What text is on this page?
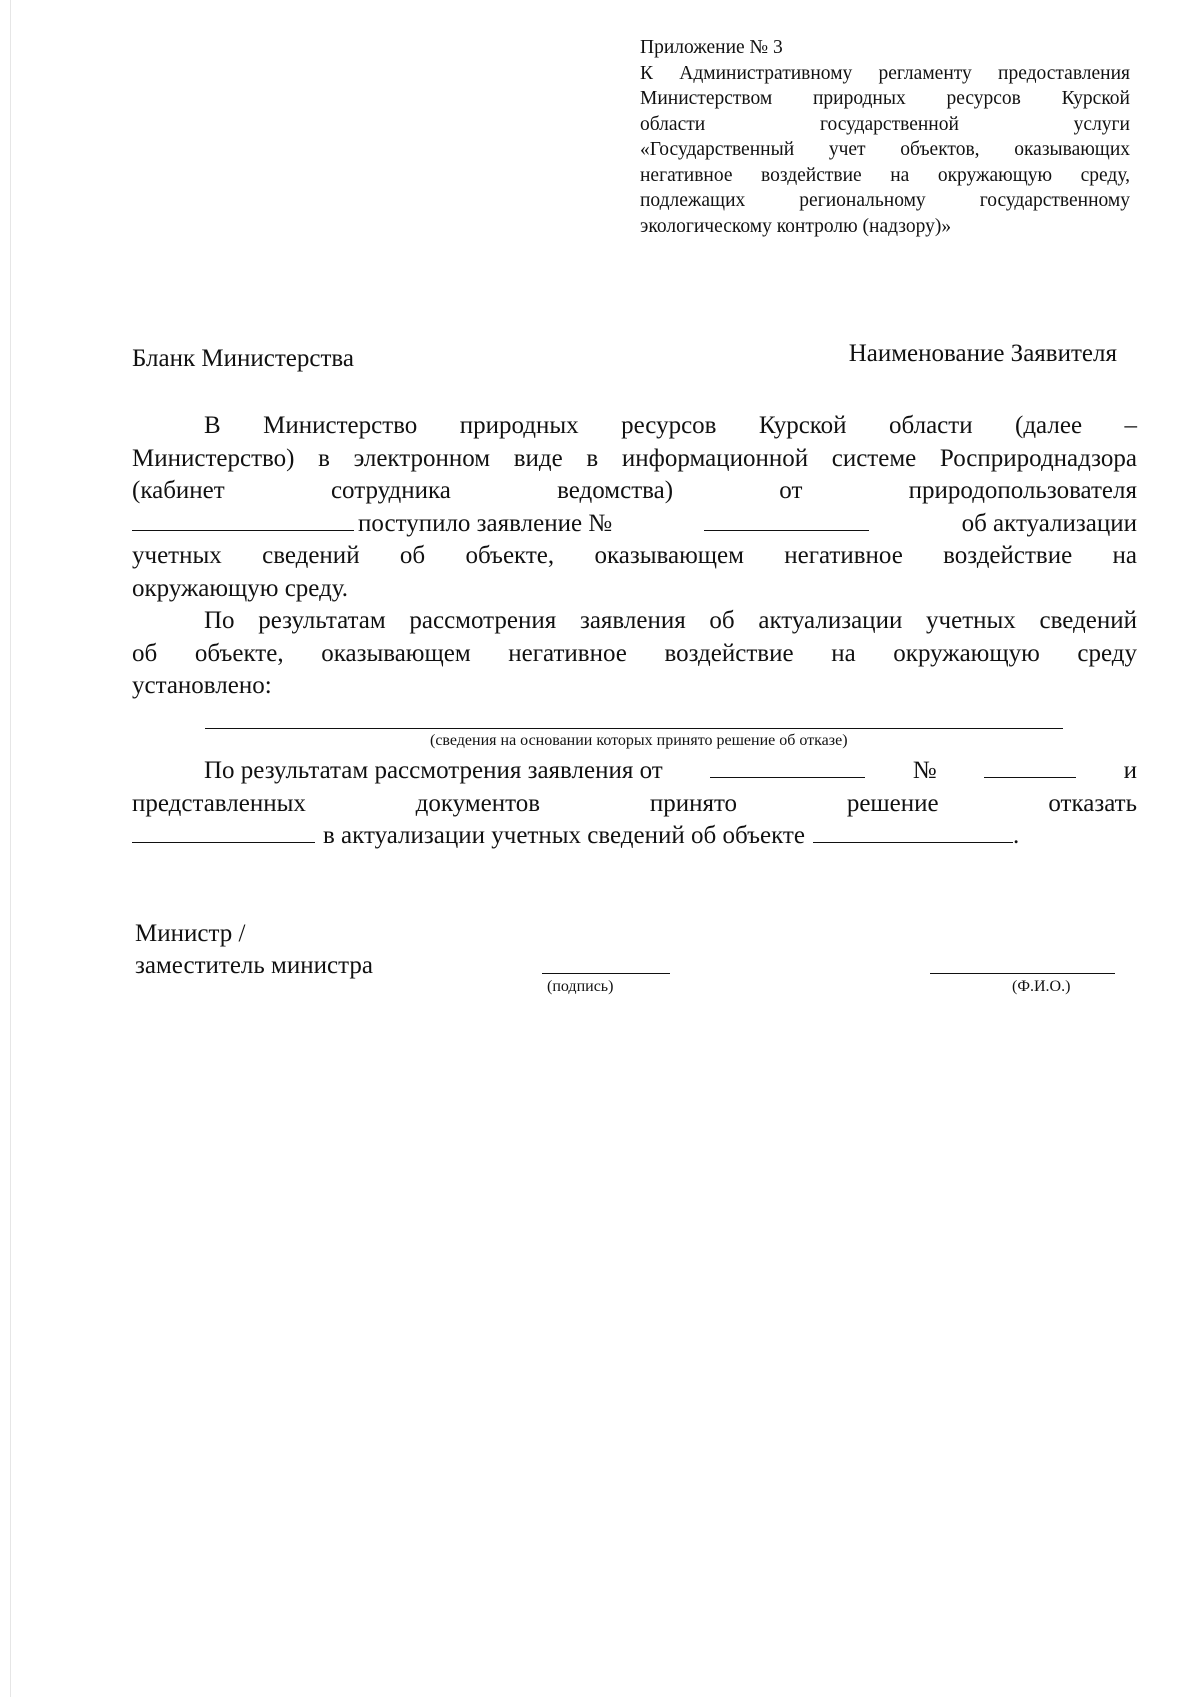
Приложение № 3
К Административному регламенту предоставления
Министерством природных ресурсов Курской
области государственной услуги
«Государственный учет объектов, оказывающих
негативное воздействие на окружающую среду,
подлежащих региональному государственному
экологическому контролю (надзору)»
Бланк Министерства	Наименование Заявителя
В Министерство природных ресурсов Курской области (далее –
Министерство) в электронном виде в информационной системе Росприроднадзора
(кабинет сотрудника ведомства) от природопользователя
поступило заявление №	об актуализации
учетных сведений об объекте, оказывающем негативное воздействие на
окружающую среду.
По результатам рассмотрения заявления об актуализации учетных сведений
об объекте, оказывающем негативное воздействие на окружающую среду
установлено:
(сведения на основании которых принято решение об отказе)
По результатам рассмотрения заявления от	№	и
представленных документов принято решение отказать
в актуализации учетных сведений об объекте	.
Министр /
заместитель министра
(подпись)	(Ф.И.О.)
